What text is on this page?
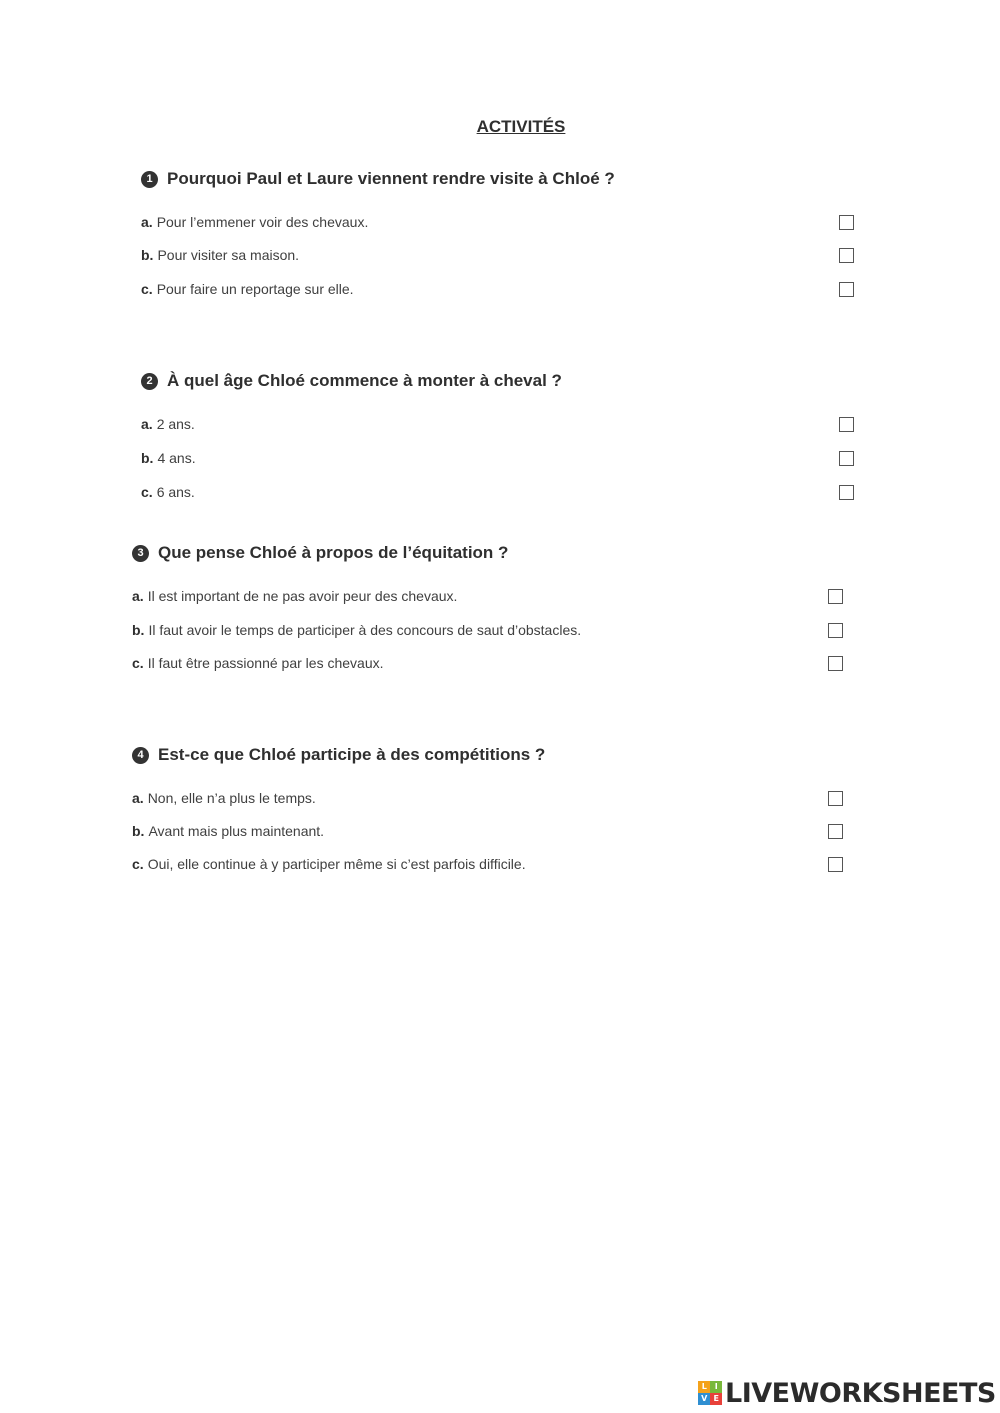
ACTIVITÉS
1 Pourquoi Paul et Laure viennent rendre visite à Chloé ?
a. Pour l’emmener voir des chevaux.
b. Pour visiter sa maison.
c. Pour faire un reportage sur elle.
2 À quel âge Chloé commence à monter à cheval ?
a. 2 ans.
b. 4 ans.
c. 6 ans.
3 Que pense Chloé à propos de l’équitation ?
a. Il est important de ne pas avoir peur des chevaux.
b. Il faut avoir le temps de participer à des concours de saut d’obstacles.
c. Il faut être passionné par les chevaux.
4 Est-ce que Chloé participe à des compétitions ?
a. Non, elle n’a plus le temps.
b. Avant mais plus maintenant.
c. Oui, elle continue à y participer même si c’est parfois difficile.
L	I
V E LIVEWORKSHEETS
